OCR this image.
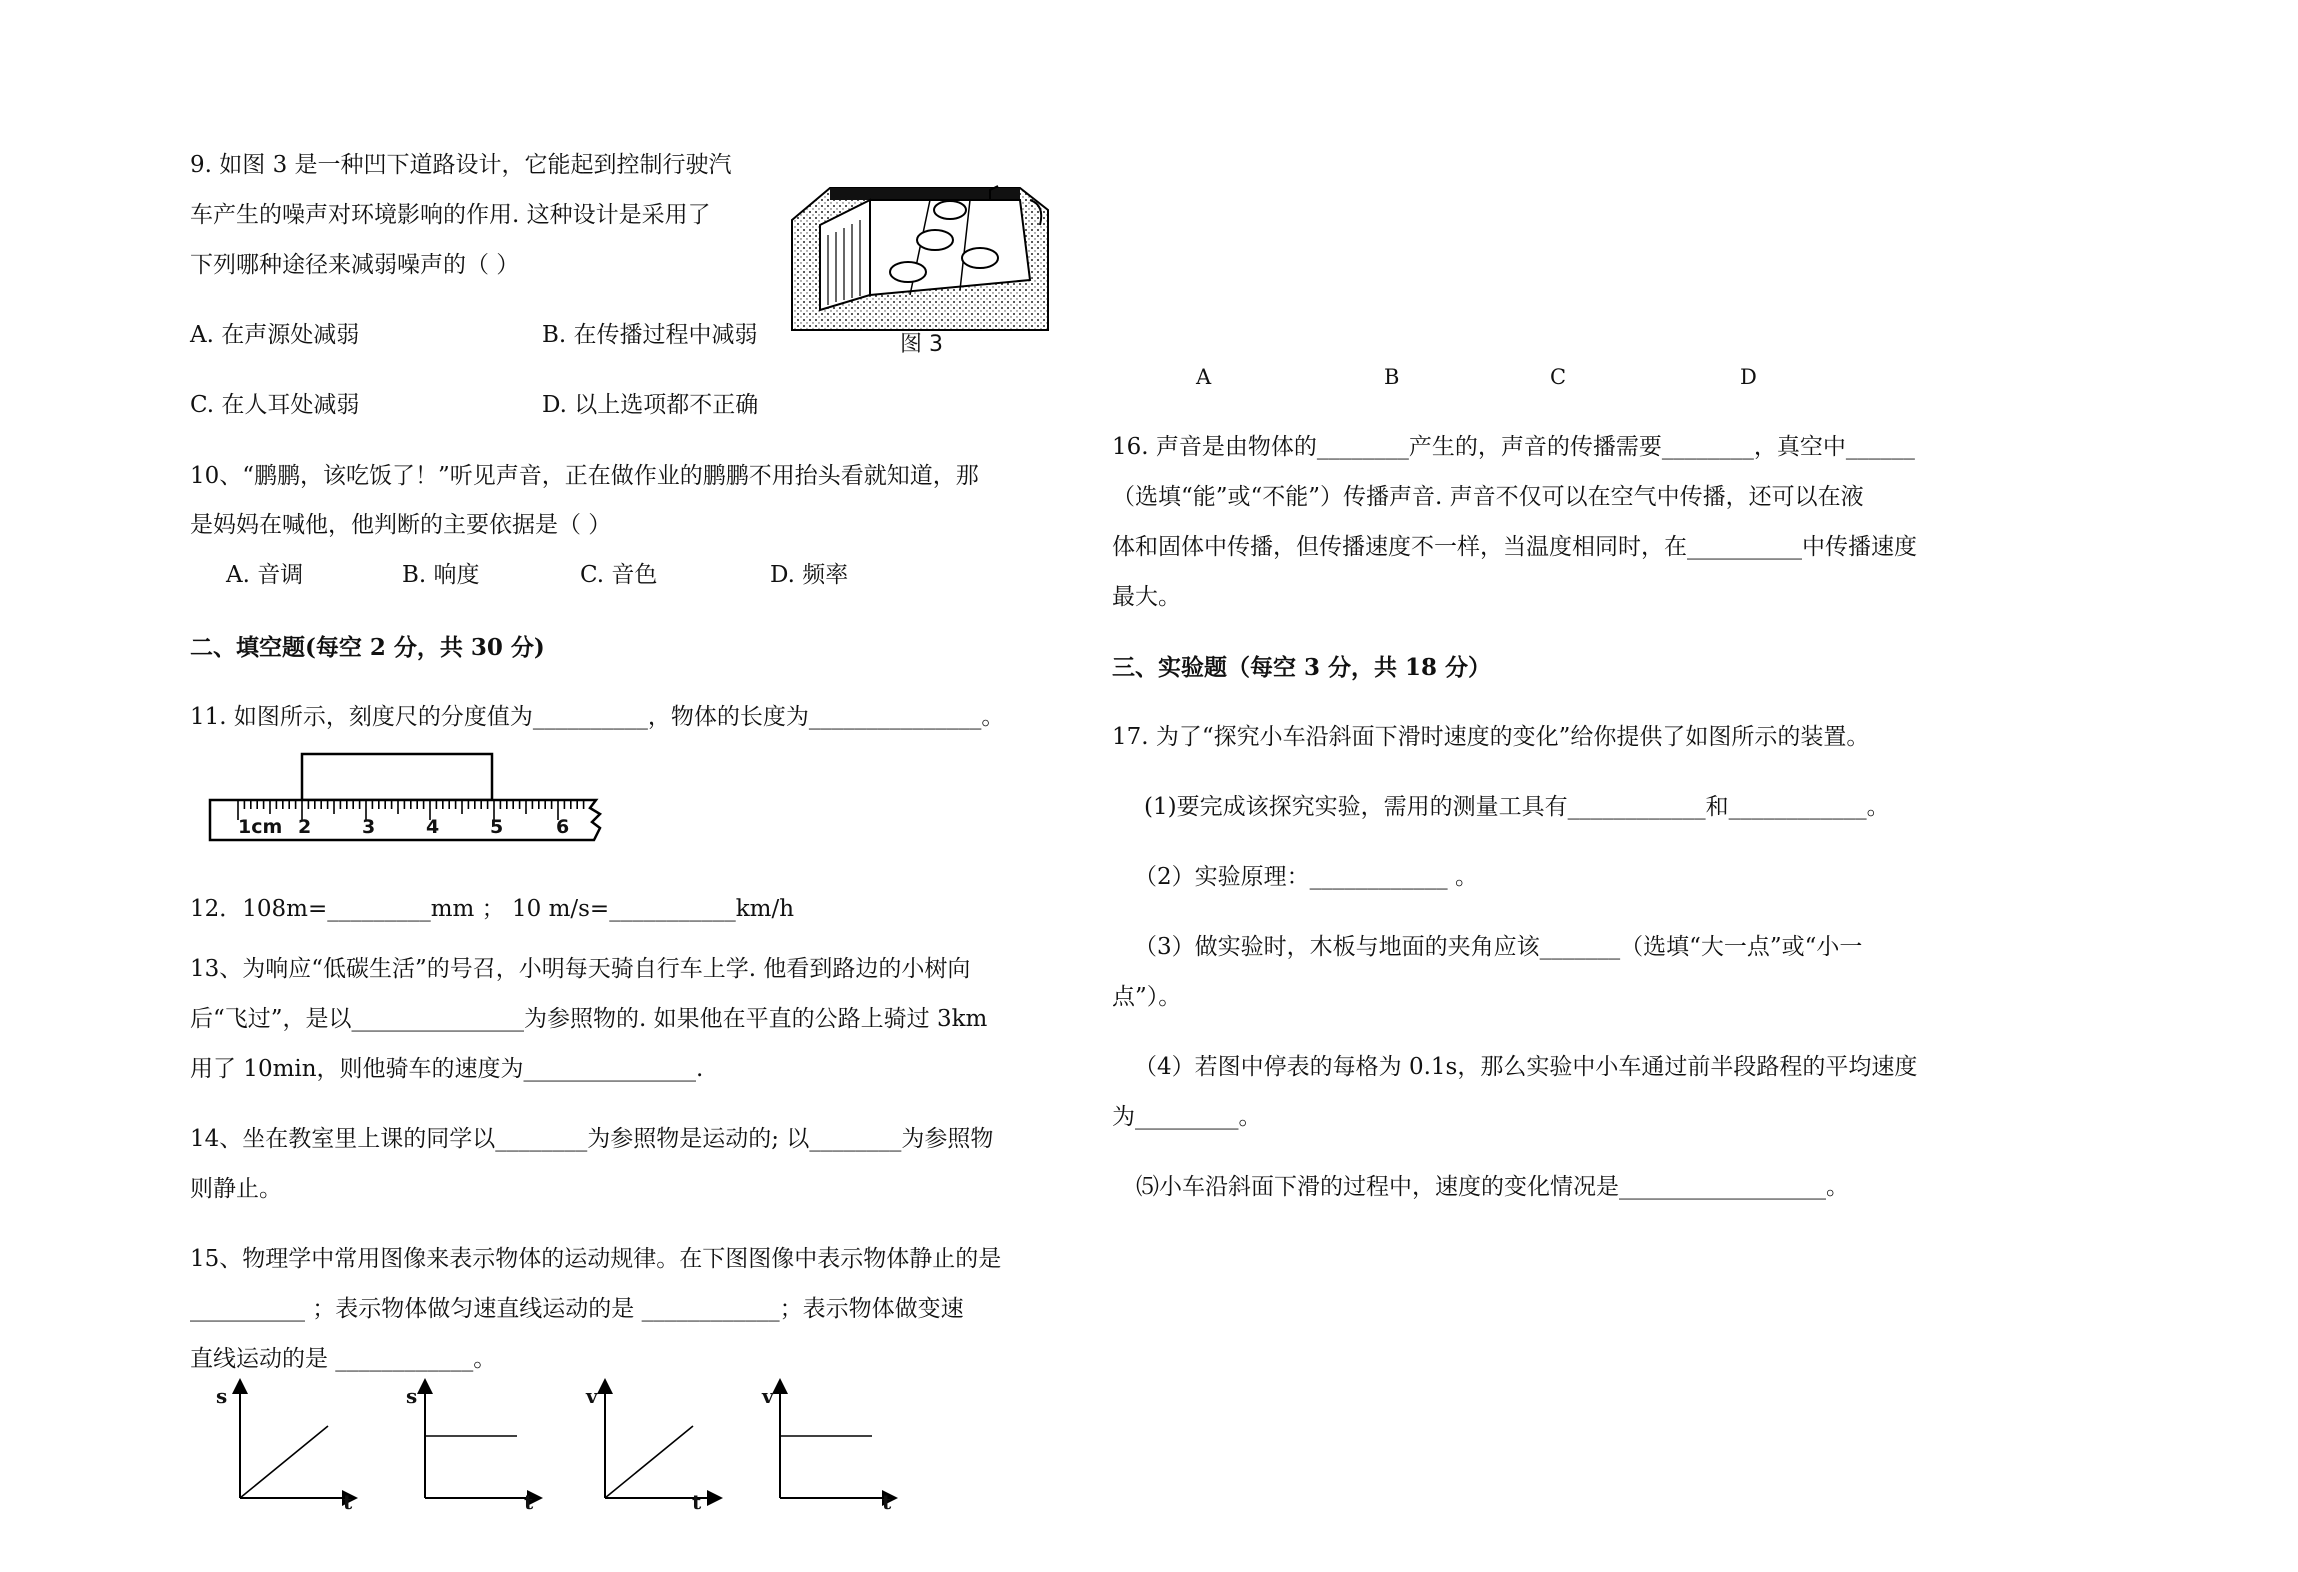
9. 如图 3 是一种凹下道路设计，它能起到控制行驶汽
车产生的噪声对环境影响的作用. 这种设计是采用了
下列哪种途径来减弱噪声的（ ）
图 3
A. 在声源处减弱	B. 在传播过程中减弱
C. 在人耳处减弱	D. 以上选项都不正确
10、“鹏鹏，该吃饭了！”听见声音，正在做作业的鹏鹏不用抬头看就知道，那
是妈妈在喊他，他判断的主要依据是（ ）
A. 音调	B. 响度	C. 音色	D. 频率
二、填空题(每空 2 分，共 30 分)
11. 如图所示，刻度尺的分度值为__________，物体的长度为_______________。
1cm 2	3	4	5	6
12．108m=_________mm ； 10 m/s=___________km/h
13、为响应“低碳生活”的号召，小明每天骑自行车上学. 他看到路边的小树向
后“飞过”，是以_______________为参照物的. 如果他在平直的公路上骑过 3km
用了 10min，则他骑车的速度为_______________.
14、坐在教室里上课的同学以________为参照物是运动的; 以________为参照物
则静止。
15、物理学中常用图像来表示物体的运动规律。在下图图像中表示物体静止的是
__________ ；表示物体做匀速直线运动的是 ____________；表示物体做变速
直线运动的是 ____________。
s
t
s
t
v
t
v
t
A	B	C	D
16. 声音是由物体的________产生的，声音的传播需要________，真空中______
（选填“能”或“不能”）传播声音. 声音不仅可以在空气中传播，还可以在液
体和固体中传播，但传播速度不一样，当温度相同时，在__________中传播速度
最大。
三、实验题（每空 3 分，共 18 分）
17. 为了“探究小车沿斜面下滑时速度的变化”给你提供了如图所示的装置。
(1)要完成该探究实验，需用的测量工具有____________和____________。
（2）实验原理：____________ 。
（3）做实验时，木板与地面的夹角应该_______（选填“大一点”或“小一
点”）。
（4）若图中停表的每格为 0.1s，那么实验中小车通过前半段路程的平均速度
为_________。
⑸小车沿斜面下滑的过程中，速度的变化情况是__________________。
